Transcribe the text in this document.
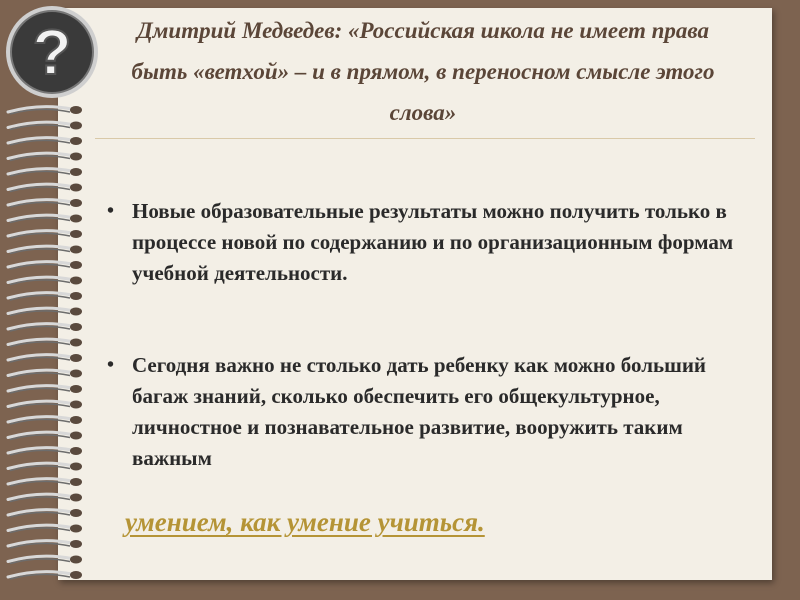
?	Дмитрий Медведев: «Российская школа не имеет права быть «ветхой» – и в прямом, в переносном смысле этого слова»
• Новые образовательные результаты можно получить только в процессе новой по содержанию и по организационным формам учебной деятельности.
• Сегодня важно не столько дать ребенку как можно больший багаж знаний, сколько обеспечить его общекультурное, личностное и познавательное развитие, вооружить таким важным
умением, как умение учиться.
